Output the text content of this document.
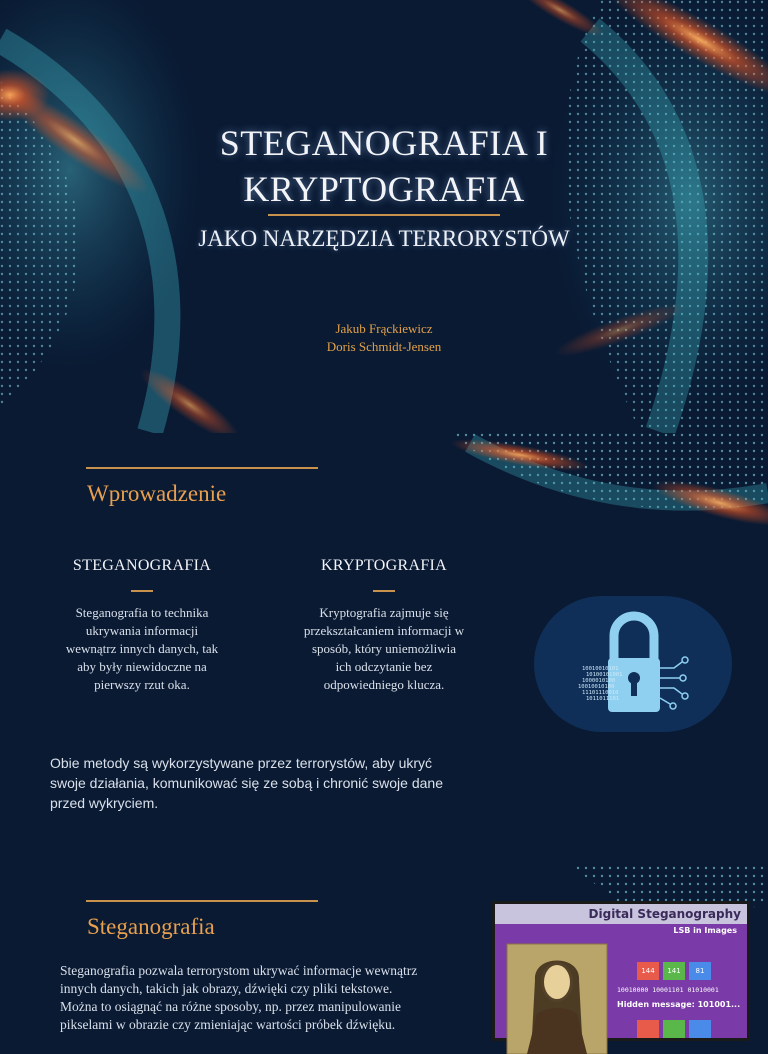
STEGANOGRAFIA I
KRYPTOGRAFIA
JAKO NARZĘDZIA TERRORYSTÓW
Jakub Frąckiewicz
Doris Schmidt-Jensen
Wprowadzenie
STEGANOGRAFIA
Steganografia to technika
ukrywania informacji
wewnątrz innych danych, tak
aby były niewidoczne na
pierwszy rzut oka.
KRYPTOGRAFIA
Kryptografia zajmuje się
przekształcaniem informacji w
sposób, który uniemożliwia
ich odczytanie bez
odpowiedniego klucza.
10010010101
10100101001
1000010100
10010010100
11101110010
1011011101
Obie metody są wykorzystywane przez terrorystów, aby ukryć
swoje działania, komunikować się ze sobą i chronić swoje dane
przed wykryciem.
Steganografia
Steganografia pozwala terrorystom ukrywać informacje wewnątrz
innych danych, takich jak obrazy, dźwięki czy pliki tekstowe.
Można to osiągnąć na różne sposoby, np. przez manipulowanie
pikselami w obrazie czy zmieniając wartości próbek dźwięku.
Digital Steganography
LSB in Images
144	141	81
10010000 10001101 01010001
Hidden message: 101001...
